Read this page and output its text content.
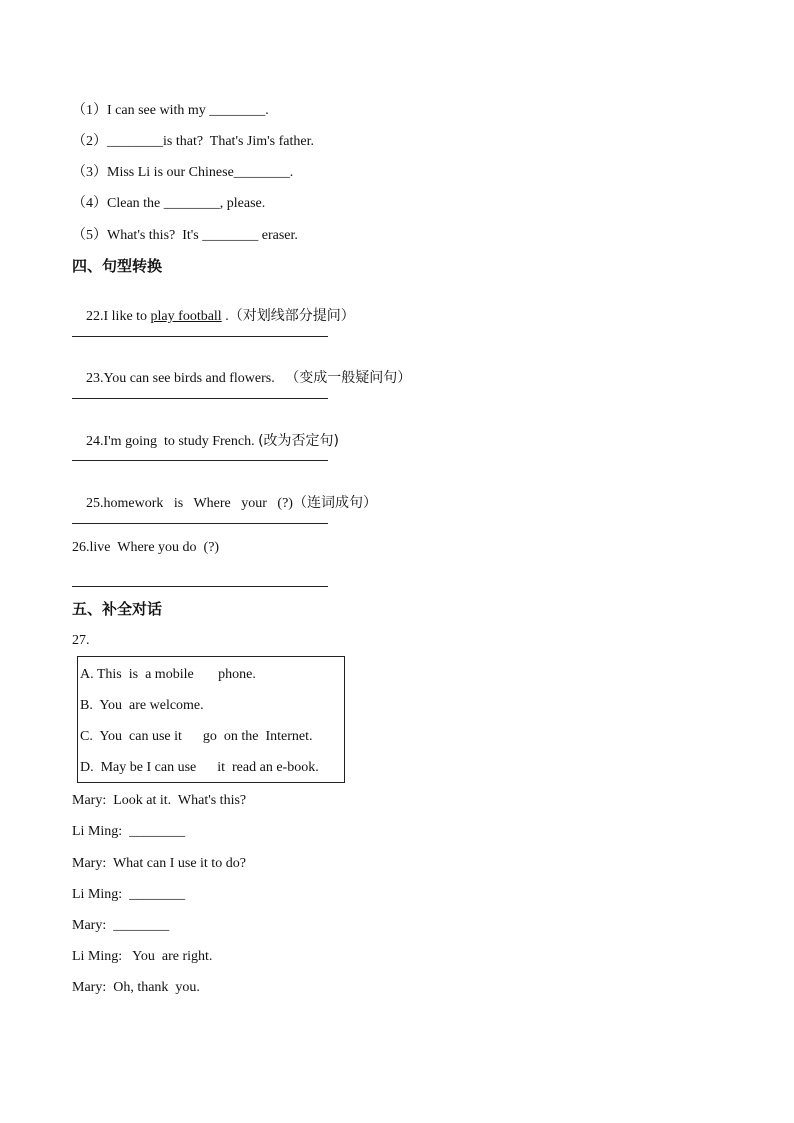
（1）I can see with my ________.
（2）________is that?  That's Jim's father.
（3）Miss Li is our Chinese________.
（4）Clean the ________, please.
（5）What's this?  It's ________ eraser.
四、句型转换

22.I like to play football .（对划线部分提问）

23.You can see birds and flowers.   （变成一般疑问句）

24.I'm going  to study French. (改为否定句)

25.homework   is   Where   your   (?)（连词成句）

26.live  Where you do  (?)
五、补全对话
27.
A. This  is  a mobile       phone.
B.  You  are welcome.
C.  You  can use it      go  on the  Internet.
D.  May be I can use      it  read an e-book.
Mary:  Look at it.  What's this?
Li Ming:  ________
Mary:  What can I use it to do?
Li Ming:  ________
Mary:  ________
Li Ming:   You  are right.
Mary:  Oh, thank  you.
